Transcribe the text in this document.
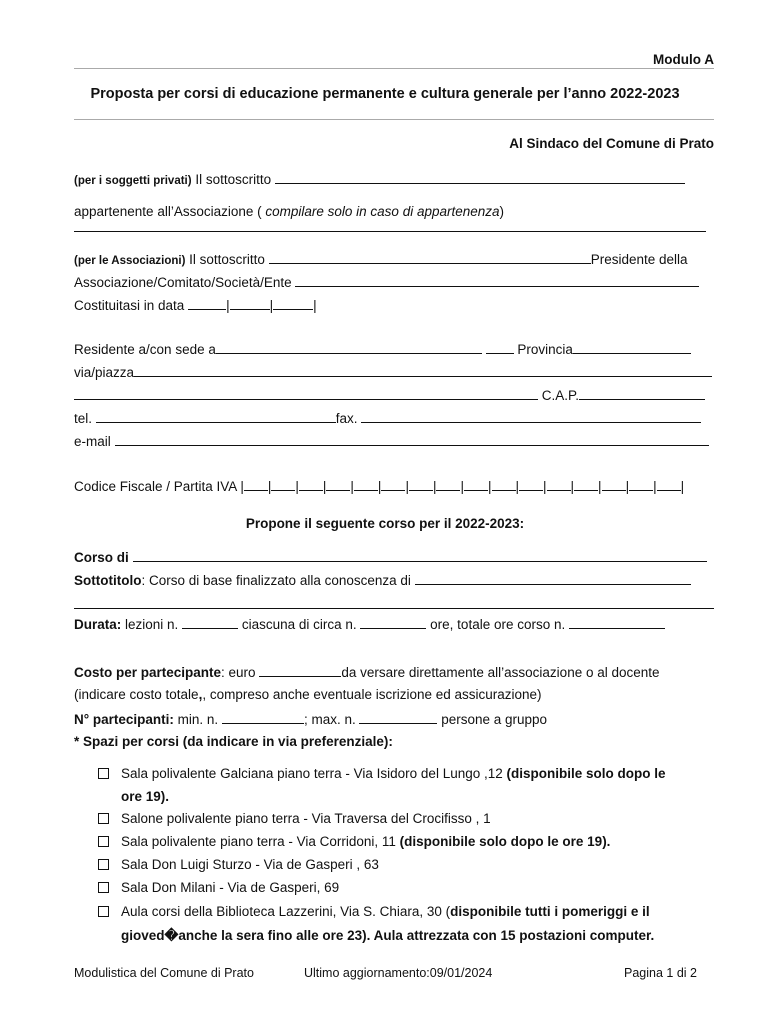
Modulo A
Proposta per corsi di educazione permanente e cultura generale per l’anno 2022-2023
Al Sindaco del Comune di Prato
(per i soggetti privati) Il sottoscritto
appartenente all’Associazione ( compilare solo in caso di appartenenza)
(per le Associazioni) Il sottoscritto	Presidente della
Associazione/Comitato/Società/Ente
Costituitasi in data	|	|	|
Residente a/con sede a	Provincia
via/piazza
C.A.P.
tel.	fax.
e-mail
Codice Fiscale / Partita IVA | | | | | | | | | | | | | | | | |
Propone il seguente corso per il 2022-2023:
Corso di
Sottotitolo: Corso di base finalizzato alla conoscenza di
Durata: lezioni n.	ciascuna di circa n.	ore, totale ore corso n.
Costo per partecipante: euro	da versare direttamente all’associazione o al docente
(indicare costo totale,, compreso anche eventuale iscrizione ed assicurazione)
N° partecipanti: min. n.	; max. n.	persone a gruppo
* Spazi per corsi (da indicare in via preferenziale):
Sala polivalente Galciana piano terra - Via Isidoro del Lungo ,12 (disponibile solo dopo le
ore 19).
Salone polivalente piano terra - Via Traversa del Crocifisso , 1
Sala polivalente piano terra - Via Corridoni, 11 (disponibile solo dopo le ore 19).
Sala Don Luigi Sturzo - Via de Gasperi , 63
Sala Don Milani - Via de Gasperi, 69
Aula corsi della Biblioteca Lazzerini, Via S. Chiara, 30 (disponibile tutti i pomeriggi e il
gioved�anche la sera fino alle ore 23). Aula attrezzata con 15 postazioni computer.
Modulistica del Comune di Prato	Ultimo aggiornamento:09/01/2024	Pagina 1 di 2
